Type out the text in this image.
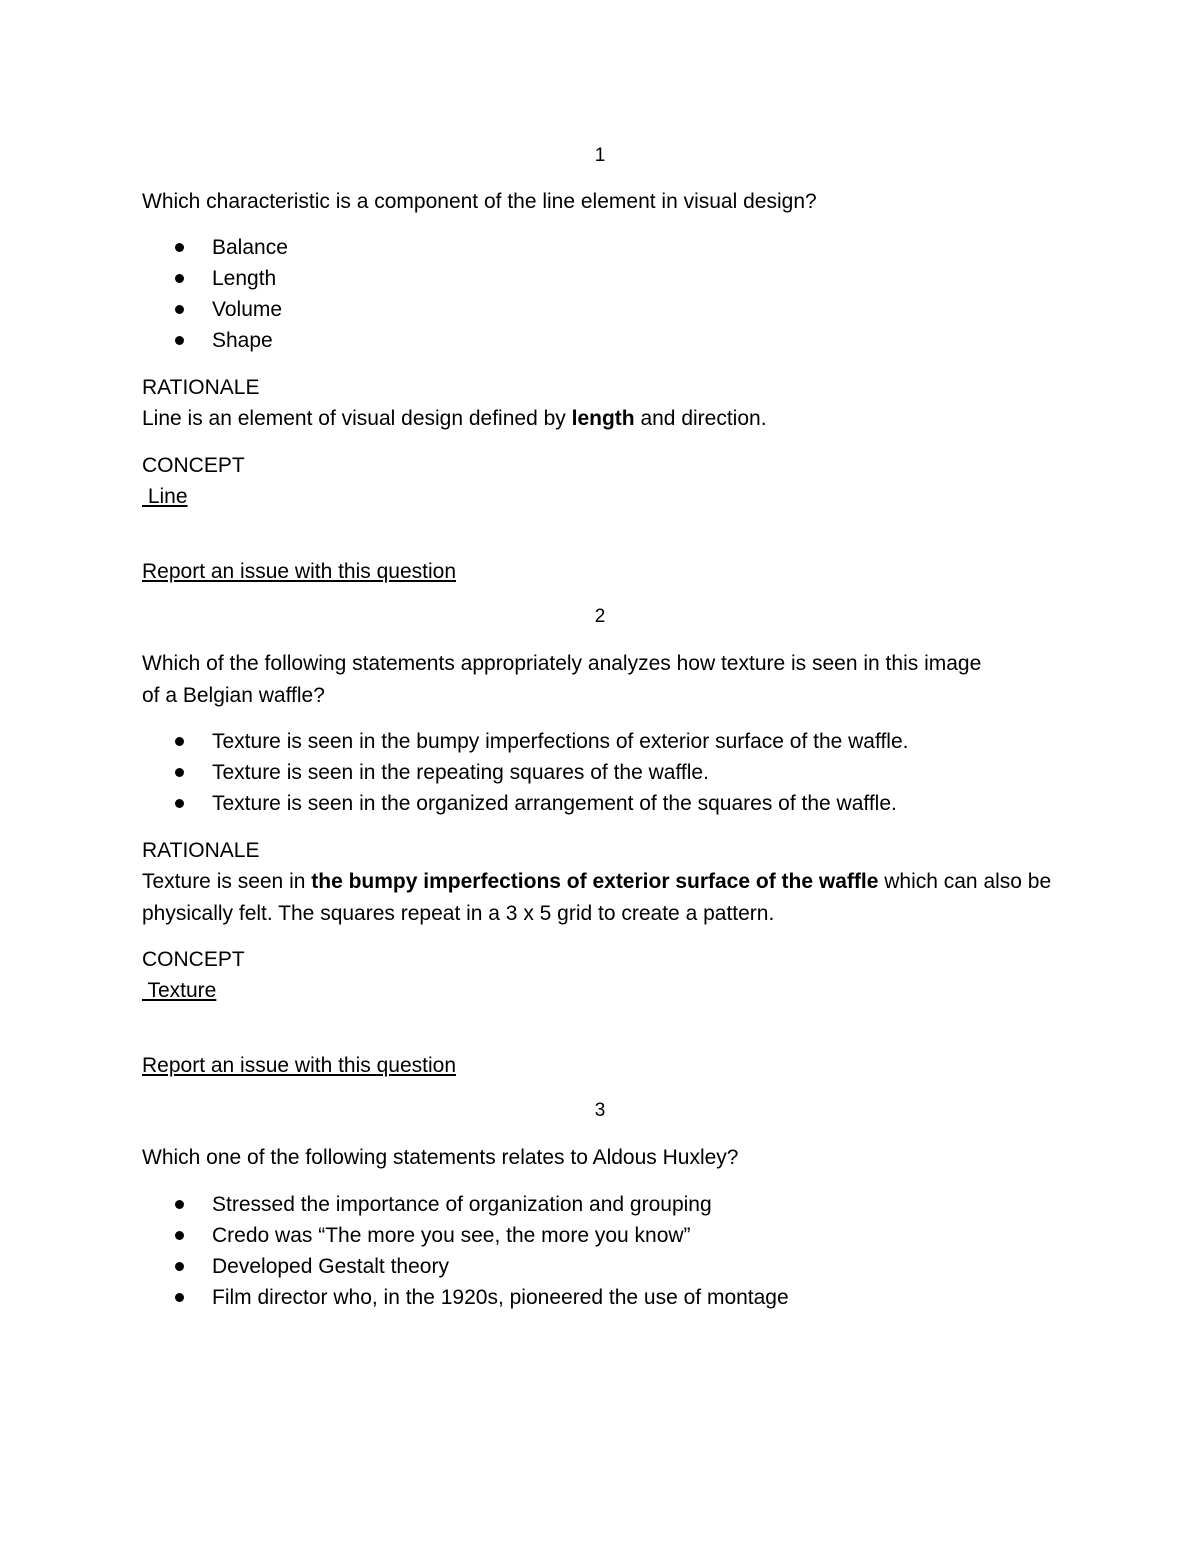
1
Which characteristic is a component of the line element in visual design?
Balance
Length
Volume
Shape
RATIONALE
Line is an element of visual design defined by length and direction.
CONCEPT
Line
Report an issue with this question
2
Which of the following statements appropriately analyzes how texture is seen in this image
of a Belgian waffle?
Texture is seen in the bumpy imperfections of exterior surface of the waffle.
Texture is seen in the repeating squares of the waffle.
Texture is seen in the organized arrangement of the squares of the waffle.
RATIONALE
Texture is seen in the bumpy imperfections of exterior surface of the waffle which can also be
physically felt. The squares repeat in a 3 x 5 grid to create a pattern.
CONCEPT
Texture
Report an issue with this question
3
Which one of the following statements relates to Aldous Huxley?
Stressed the importance of organization and grouping
Credo was “The more you see, the more you know”
Developed Gestalt theory
Film director who, in the 1920s, pioneered the use of montage
